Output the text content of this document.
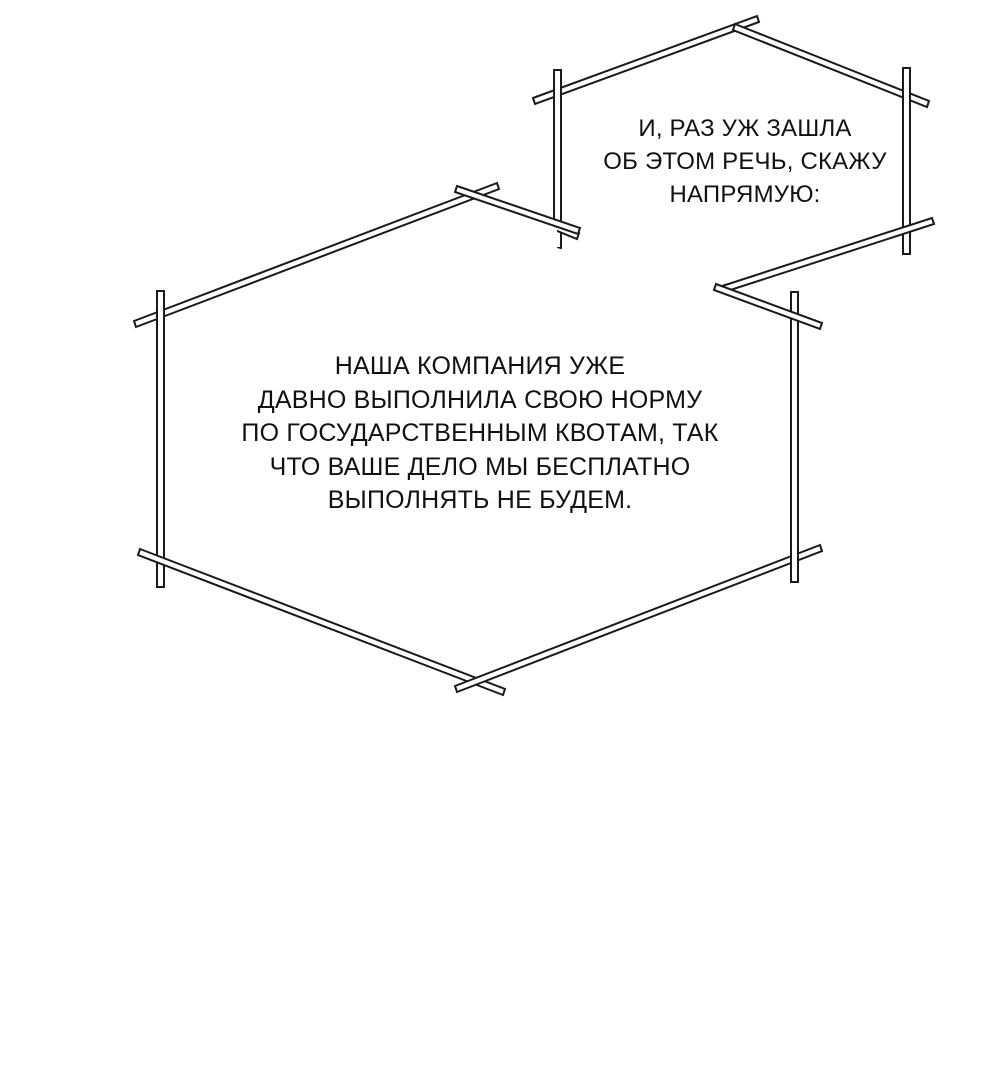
И, РАЗ УЖ ЗАШЛА
ОБ ЭТОМ РЕЧЬ, СКАЖУ
НАПРЯМУЮ:
НАША КОМПАНИЯ УЖЕ
ДАВНО ВЫПОЛНИЛА СВОЮ НОРМУ
ПО ГОСУДАРСТВЕННЫМ КВОТАМ, ТАК
ЧТО ВАШЕ ДЕЛО МЫ БЕСПЛАТНО
ВЫПОЛНЯТЬ НЕ БУДЕМ.
